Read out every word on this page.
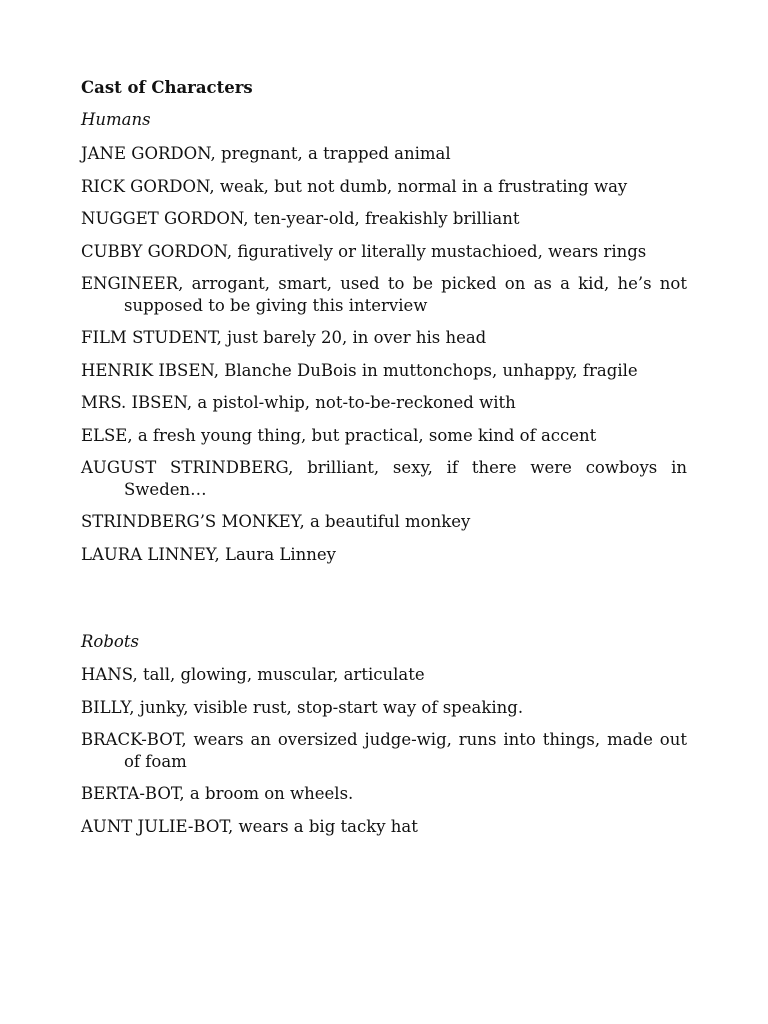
Cast of Characters

Humans

JANE GORDON, pregnant, a trapped animal
RICK GORDON, weak, but not dumb, normal in a frustrating way
NUGGET GORDON, ten-year-old, freakishly brilliant
CUBBY GORDON, figuratively or literally mustachioed, wears rings
ENGINEER, arrogant, smart, used to be picked on as a kid, he’s not supposed to be giving this interview
FILM STUDENT, just barely 20, in over his head
HENRIK IBSEN, Blanche DuBois in muttonchops, unhappy, fragile
MRS. IBSEN, a pistol-whip, not-to-be-reckoned with
ELSE, a fresh young thing, but practical, some kind of accent
AUGUST STRINDBERG, brilliant, sexy, if there were cowboys in Sweden…
STRINDBERG’S MONKEY, a beautiful monkey
LAURA LINNEY, Laura Linney

Robots

HANS, tall, glowing, muscular, articulate
BILLY, junky, visible rust, stop-start way of speaking.
BRACK-BOT, wears an oversized judge-wig, runs into things, made out of foam
BERTA-BOT, a broom on wheels.
AUNT JULIE-BOT, wears a big tacky hat
